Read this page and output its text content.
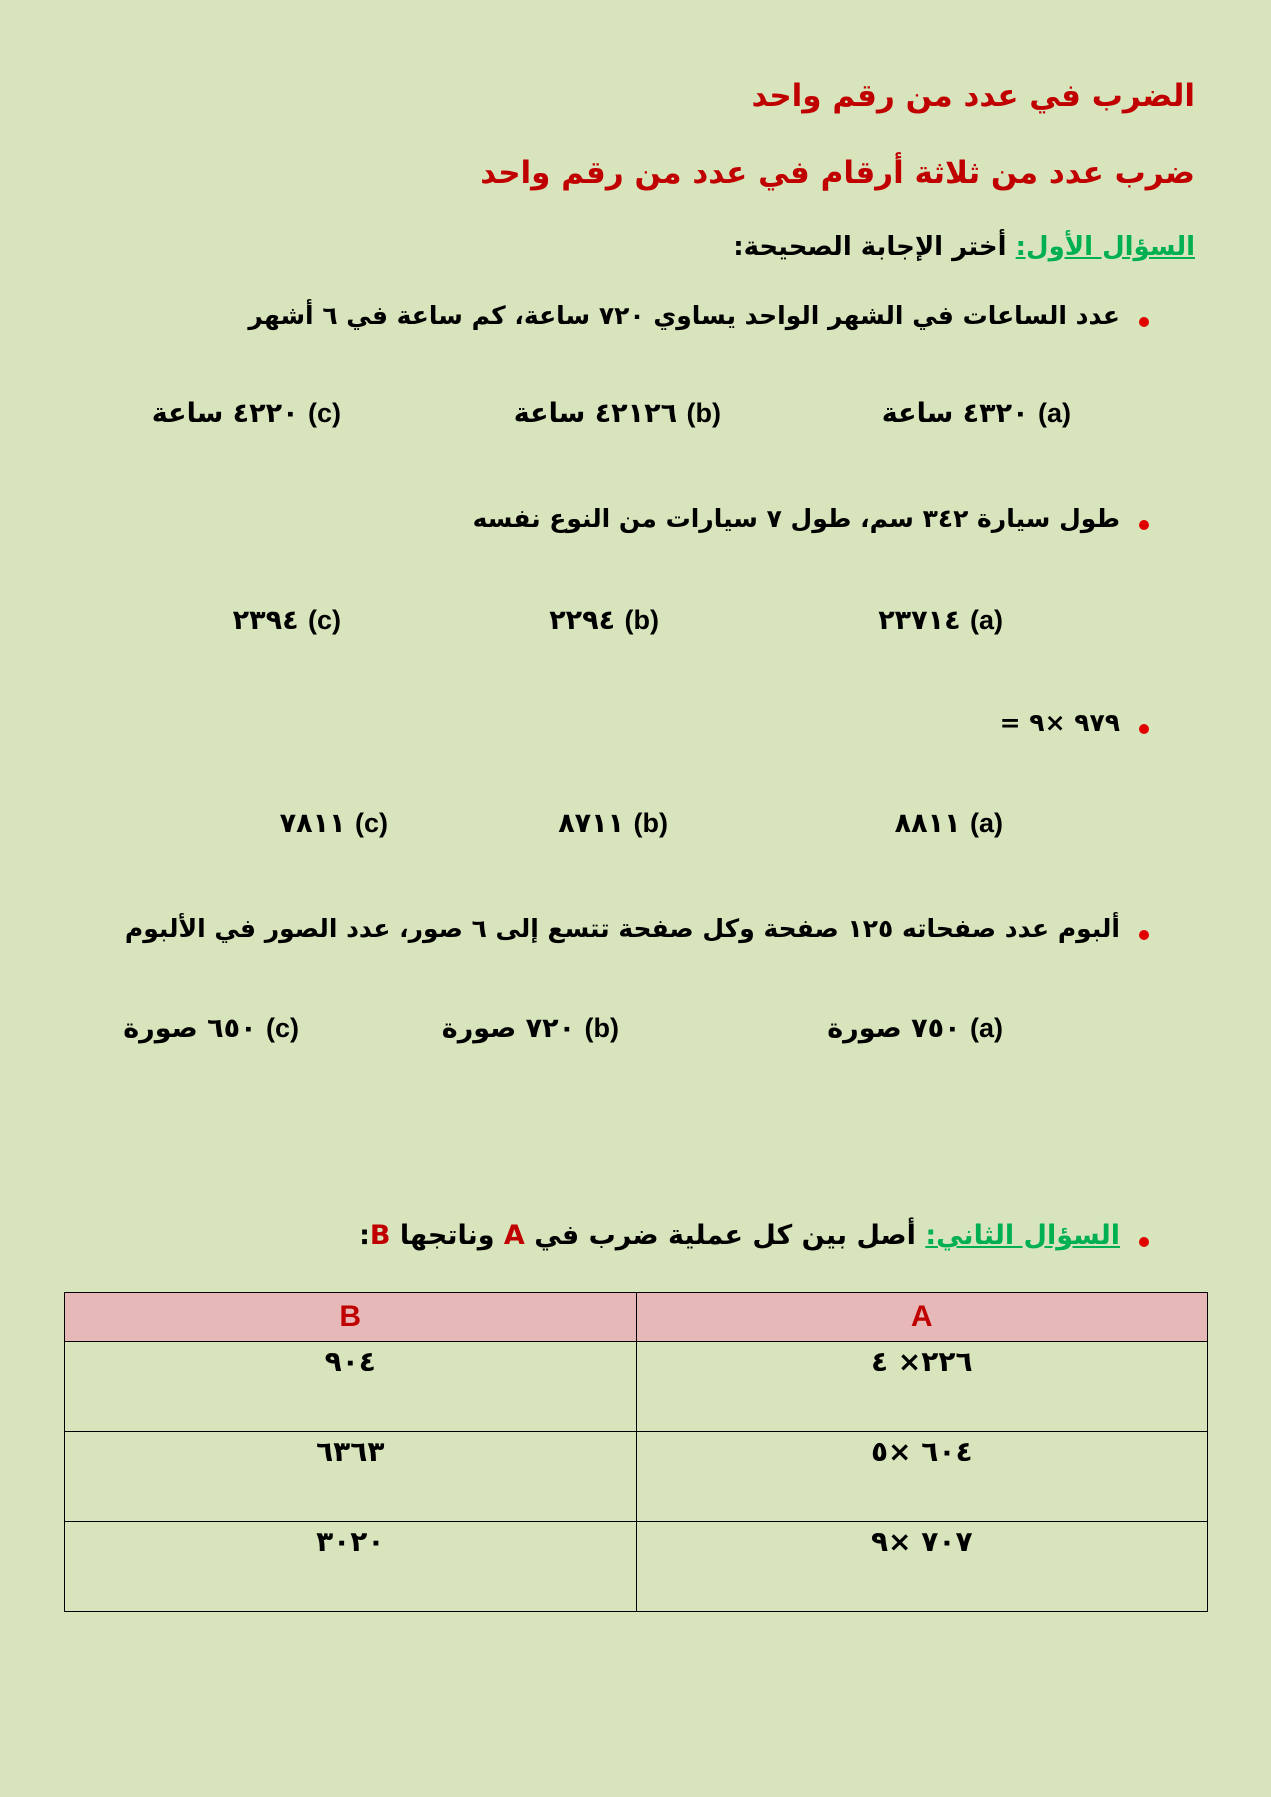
الضرب في عدد من رقم واحد
ضرب عدد من ثلاثة أرقام في عدد من رقم واحد
السؤال الأول: أختر الإجابة الصحيحة:
عدد الساعات في الشهر الواحد يساوي ٧٢٠ ساعة، كم ساعة في ٦ أشهر
(a) ٤٣٢٠ ساعة
(b) ٤٢١٢٦ ساعة
(c) ٤٢٢٠ ساعة
طول سيارة ٣٤٢ سم، طول ٧ سيارات من النوع نفسه
(a) ٢٣٧١٤
(b) ٢٢٩٤
(c) ٢٣٩٤
٩٧٩ ×٩ =
(a) ٨٨١١
(b) ٨٧١١
(c) ٧٨١١
ألبوم عدد صفحاته ١٢٥ صفحة وكل صفحة تتسع إلى ٦ صور، عدد الصور في الألبوم
(a) ٧٥٠ صورة
(b) ٧٢٠ صورة
(c) ٦٥٠ صورة
السؤال الثاني: أصل بين كل عملية ضرب في A وناتجها B:
A	B
٢٢٦× ٤	٩٠٤
٦٠٤ ×٥	٦٣٦٣
٧٠٧ ×٩	٣٠٢٠
